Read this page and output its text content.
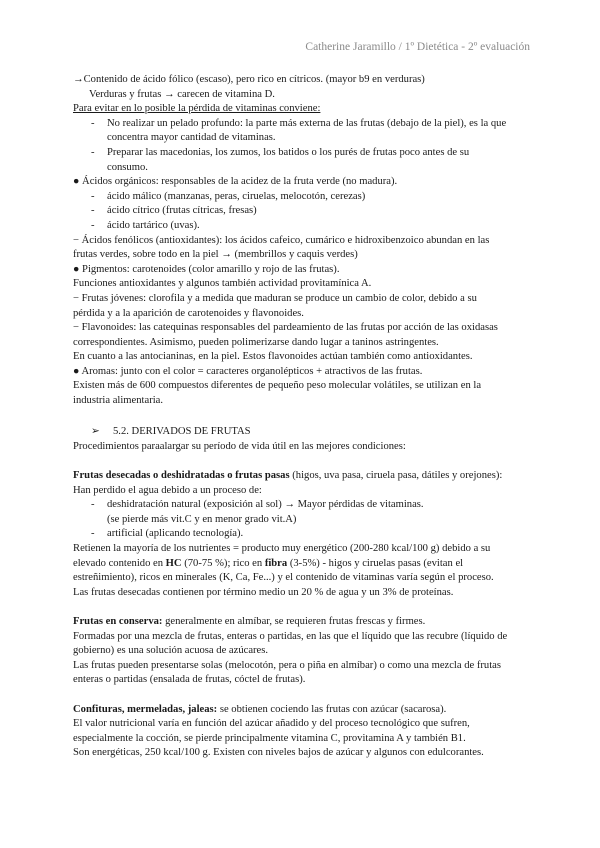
Catherine Jaramillo / 1º Dietética - 2º evaluación
→Contenido de ácido fólico (escaso), pero rico en cítricos. (mayor b9 en verduras)
Verduras y frutas → carecen de vitamina D.
Para evitar en lo posible la pérdida de vitaminas conviene:
- No realizar un pelado profundo: la parte más externa de las frutas (debajo de la piel), es la que
concentra mayor cantidad de vitaminas.
- Preparar las macedonias, los zumos, los batidos o los purés de frutas poco antes de su
consumo.
● Ácidos orgánicos: responsables de la acidez de la fruta verde (no madura).
- ácido málico (manzanas, peras, ciruelas, melocotón, cerezas)
- ácido cítrico (frutas cítricas, fresas)
- ácido tartárico (uvas).
− Ácidos fenólicos (antioxidantes): los ácidos cafeico, cumárico e hidroxibenzoico abundan en las
frutas verdes, sobre todo en la piel → (membrillos y caquis verdes)
● Pigmentos: carotenoides (color amarillo y rojo de las frutas).
Funciones antioxidantes y algunos también actividad provitamínica A.
− Frutas jóvenes: clorofila y a medida que maduran se produce un cambio de color, debido a su
pérdida y a la aparición de carotenoides y flavonoides.
− Flavonoides: las catequinas responsables del pardeamiento de las frutas por acción de las oxidasas
correspondientes. Asimismo, pueden polimerizarse dando lugar a taninos astringentes.
En cuanto a las antocianinas, en la piel. Estos flavonoides actúan también como antioxidantes.
● Aromas: junto con el color = caracteres organolépticos + atractivos de las frutas.
Existen más de 600 compuestos diferentes de pequeño peso molecular volátiles, se utilizan en la
industria alimentaria.
➢ 5.2. DERIVADOS DE FRUTAS
Procedimientos paraalargar su período de vida útil en las mejores condiciones:
Frutas desecadas o deshidratadas o frutas pasas (higos, uva pasa, ciruela pasa, dátiles y orejones):
Han perdido el agua debido a un proceso de:
- deshidratación natural (exposición al sol) → Mayor pérdidas de vitaminas.
(se pierde más vit.C y en menor grado vit.A)
- artificial (aplicando tecnología).
Retienen la mayoría de los nutrientes = producto muy energético (200-280 kcal/100 g) debido a su
elevado contenido en HC (70-75 %); rico en fibra (3-5%) - higos y ciruelas pasas (evitan el
estreñimiento), ricos en minerales (K, Ca, Fe...) y el contenido de vitaminas varía según el proceso.
Las frutas desecadas contienen por término medio un 20 % de agua y un 3% de proteínas.
Frutas en conserva: generalmente en almíbar, se requieren frutas frescas y firmes.
Formadas por una mezcla de frutas, enteras o partidas, en las que el líquido que las recubre (líquido de
gobierno) es una solución acuosa de azúcares.
Las frutas pueden presentarse solas (melocotón, pera o piña en almíbar) o como una mezcla de frutas
enteras o partidas (ensalada de frutas, cóctel de frutas).
Confituras, mermeladas, jaleas: se obtienen cociendo las frutas con azúcar (sacarosa).
El valor nutricional varía en función del azúcar añadido y del proceso tecnológico que sufren,
especialmente la cocción, se pierde principalmente vitamina C, provitamina A y también B1.
Son energéticas, 250 kcal/100 g. Existen con niveles bajos de azúcar y algunos con edulcorantes.
